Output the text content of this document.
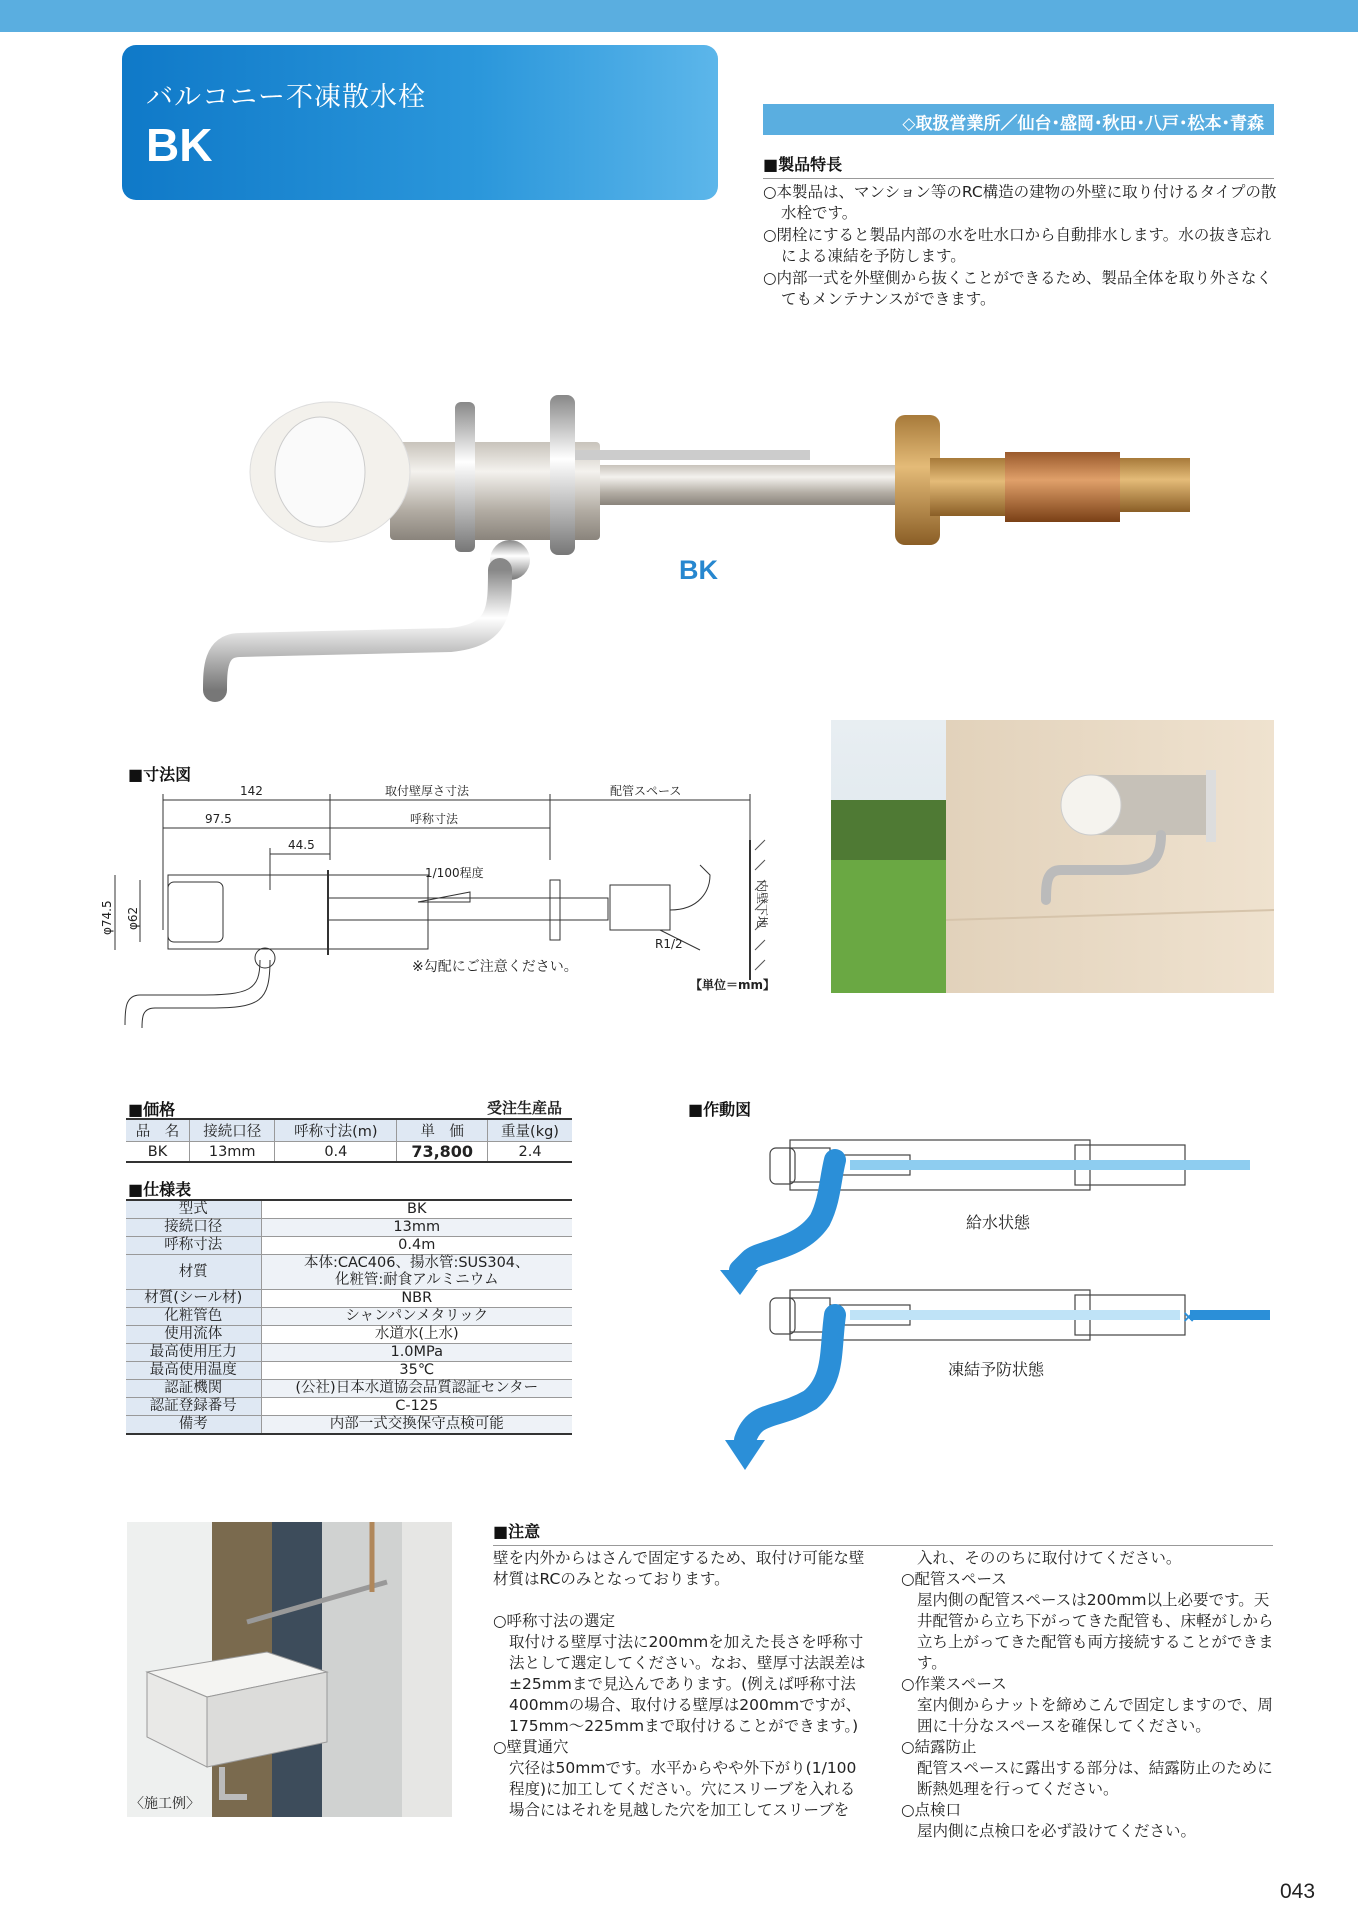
バルコニー不凍散水栓
BK	◇取扱営業所／仙台･盛岡･秋田･八戸･松本･青森
■ 製品特長
○本製品は、マンション等のRC構造の建物の外壁に取り付けるタイプの散水栓です。
○閉栓にすると製品内部の水を吐水口から自動排水します。水の抜き忘れによる凍結を予防します。
○内部一式を外壁側から抜くことができるため、製品全体を取り外さなくてもメンテナンスができます。
BK
■ 寸法図
142	取付壁厚さ寸法	配管スペース
97.5	呼称寸法
44.5
1/100程度
R1/2
φ74.5 φ62	内壁下地
※勾配にご注意ください。
【単位＝mm】
■ 価格	受注生産品
品　名	接続口径	呼称寸法(m)	単　価	重量(kg)
BK	13mm	0.4	73,800	2.4
■ 仕様表
型式	BK
接続口径	13mm
呼称寸法	0.4m
材質	本体:CAC406、揚水管:SUS304、
化粧管:耐食アルミニウム

材質(シール材)	NBR
化粧管色	シャンパンメタリック
使用流体	水道水(上水)
最高使用圧力	1.0MPa
最高使用温度	35℃
認証機関	(公社)日本水道協会品質認証センター
認証登録番号	C-125
備考	内部一式交換保守点検可能
■ 作動図
×
給水状態
凍結予防状態
〈施工例〉
■ 注意
壁を内外からはさんで固定するため、取付け可能な壁材質はRCのみとなっております。
○呼称寸法の選定
取付ける壁厚寸法に200mmを加えた長さを呼称寸法として選定してください。なお、壁厚寸法誤差は±25mmまで見込んであります。(例えば呼称寸法400mmの場合、取付ける壁厚は200mmですが、175mm～225mmまで取付けることができます。)
○壁貫通穴
穴径は50mmです。水平からやや外下がり(1/100程度)に加工してください。穴にスリーブを入れる場合にはそれを見越した穴を加工してスリーブを
入れ、そののちに取付けてください。
○配管スペース
屋内側の配管スペースは200mm以上必要です。天井配管から立ち下がってきた配管も、床軽がしから立ち上がってきた配管も両方接続することができます。
○作業スペース
室内側からナットを締めこんで固定しますので、周囲に十分なスペースを確保してください。
○結露防止
配管スペースに露出する部分は、結露防止のために断熱処理を行ってください。
○点検口
屋内側に点検口を必ず設けてください。
043
